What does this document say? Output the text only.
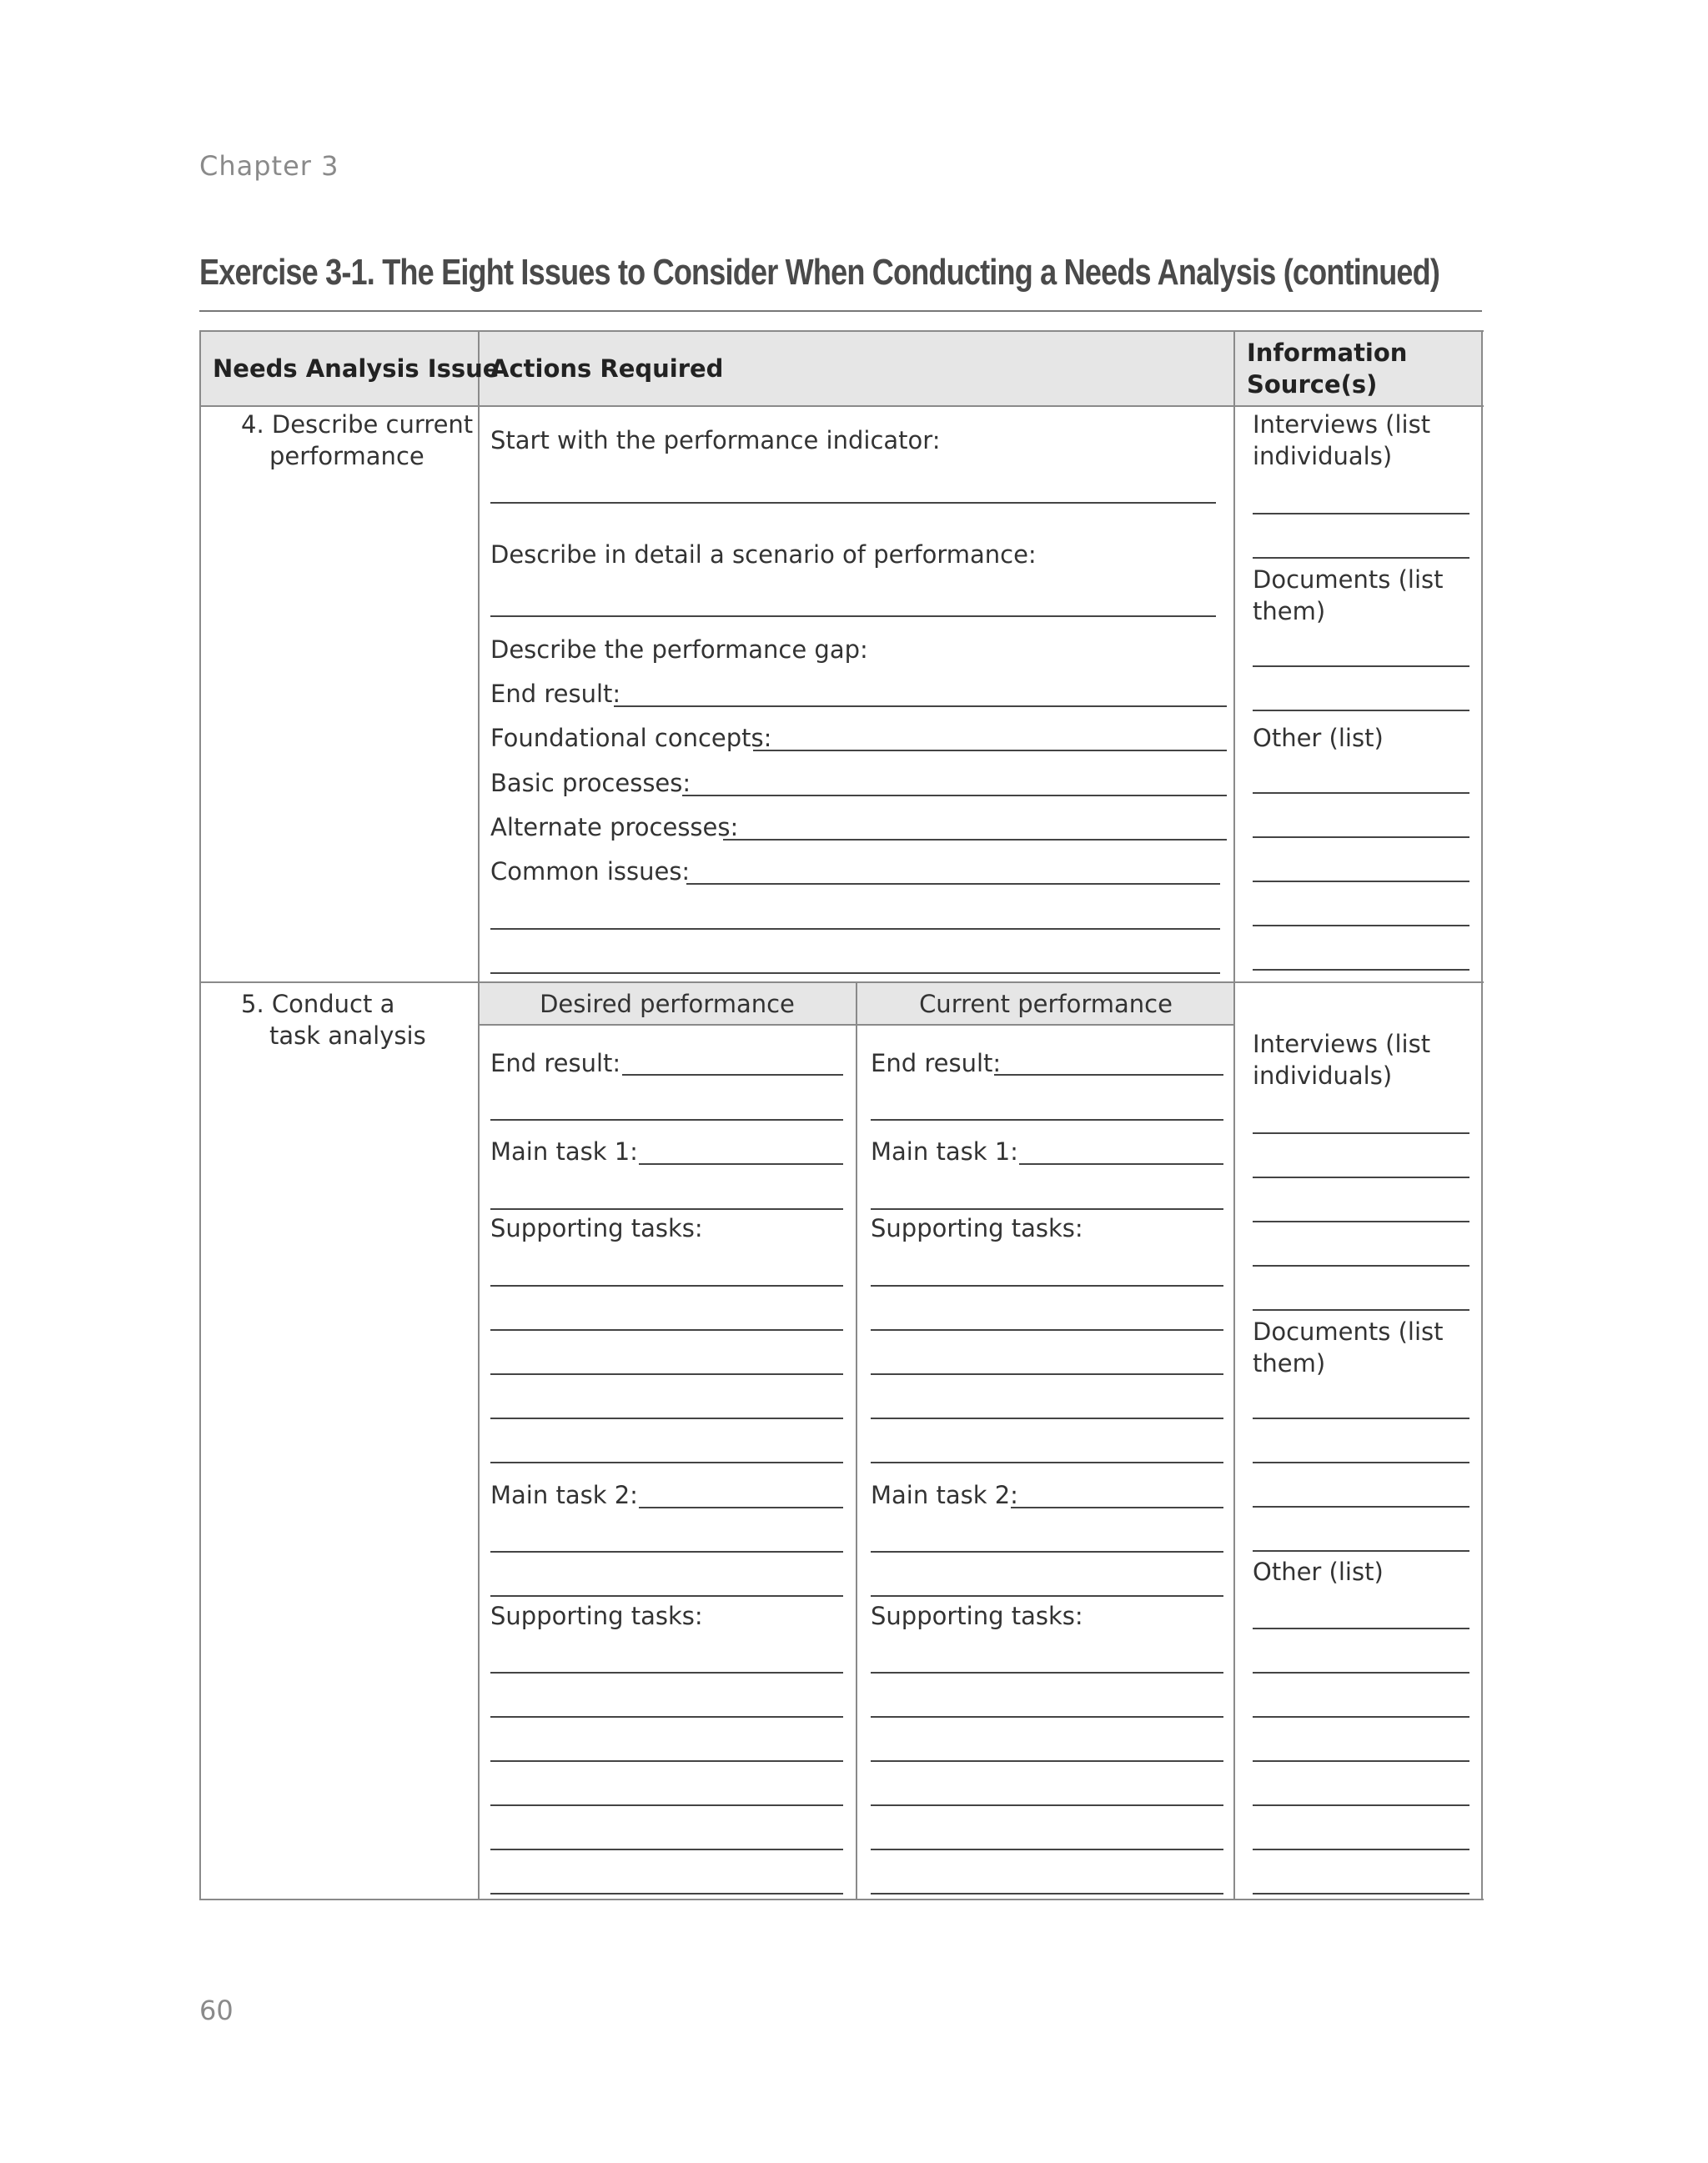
Chapter 3
Exercise 3-1. The Eight Issues to Consider When Conducting a Needs Analysis (continued)
60
Needs Analysis Issue
Actions Required
Information Source(s)
4. Describe current
performance
Start with the performance indicator:
Describe in detail a scenario of performance:
Describe the performance gap:
End result:
Foundational concepts:
Basic processes:
Alternate processes:
Common issues:
Interviews (list
individuals)
Documents (list
them)
Other (list)
5. Conduct a
task analysis
Desired performance	Current performance
End result:
Main task 1:
Supporting tasks:
Main task 2:
Supporting tasks:
End result:
Main task 1:
Supporting tasks:
Main task 2:
Supporting tasks:
Interviews (list
individuals)
Documents (list
them)
Other (list)
